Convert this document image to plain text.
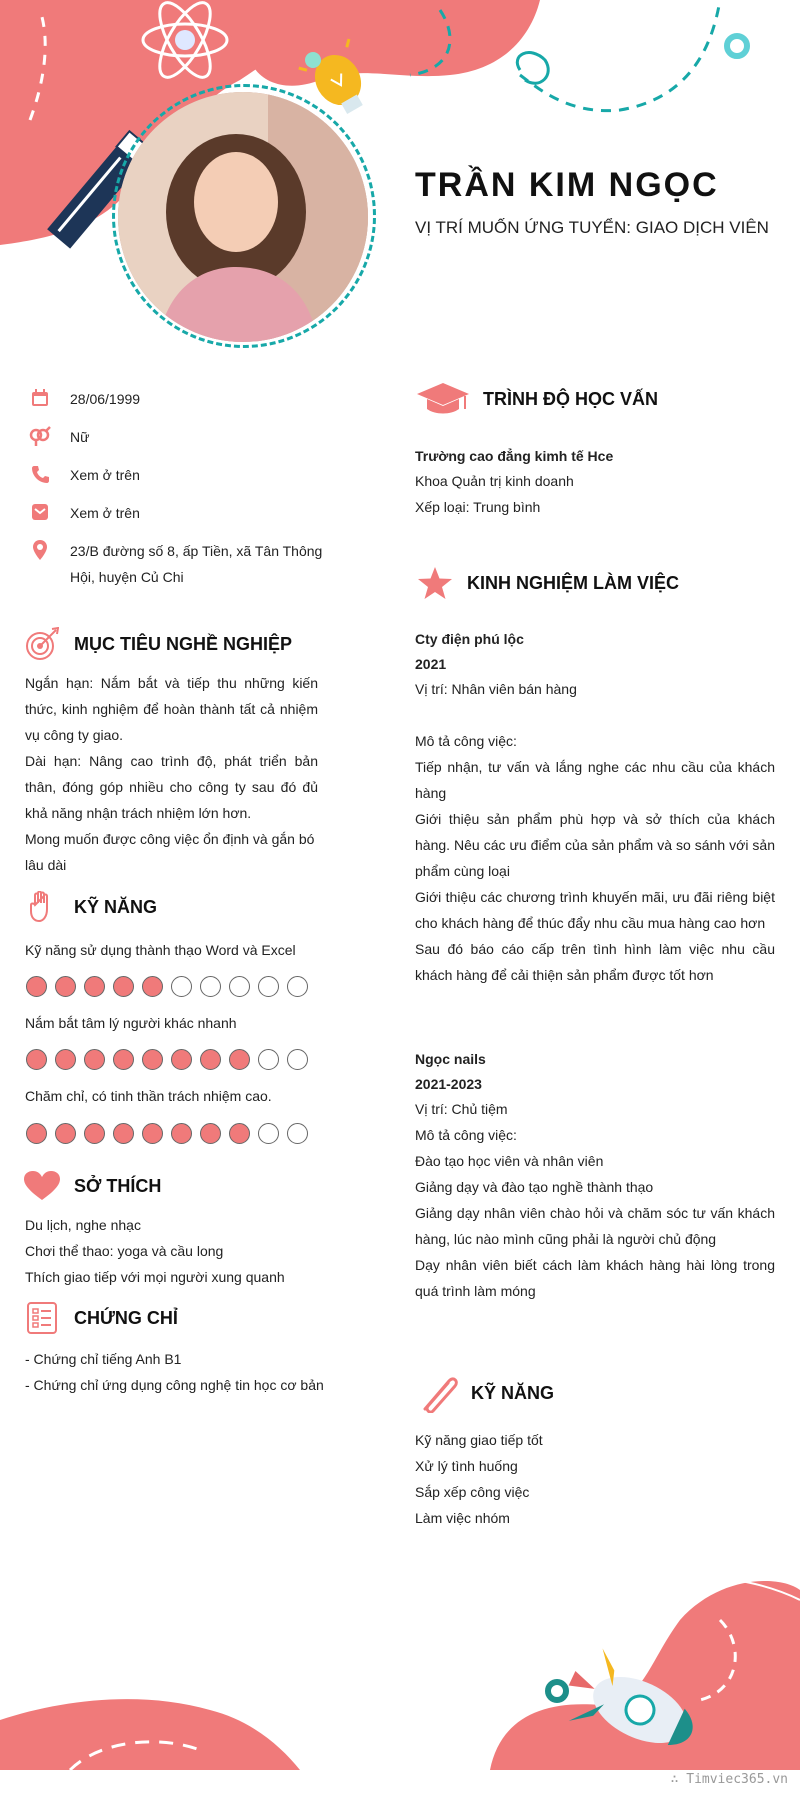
TRẦN KIM NGỌC
VỊ TRÍ MUỐN ỨNG TUYỂN: GIAO DỊCH VIÊN
28/06/1999
Nữ
Xem ở trên
Xem ở trên
23/B đường số 8, ấp Tiền, xã Tân Thông Hội, huyện Củ Chi
MỤC TIÊU NGHỀ NGHIỆP
Ngắn hạn: Nắm bắt và tiếp thu những kiến thức, kinh nghiệm để hoàn thành tất cả nhiệm vụ công ty giao.
Dài hạn: Nâng cao trình độ, phát triển bản thân, đóng góp nhiều cho công ty sau đó đủ khả năng nhận trách nhiệm lớn hơn.
Mong muốn được công việc ổn định và gắn bó lâu dài
KỸ NĂNG
Kỹ năng sử dụng thành thạo Word và Excel
Nắm bắt tâm lý người khác nhanh
Chăm chỉ, có tinh thần trách nhiệm cao.
SỞ THÍCH
Du lịch, nghe nhạc
Chơi thể thao: yoga và cầu long
Thích giao tiếp với mọi người xung quanh
CHỨNG CHỈ
- Chứng chỉ tiếng Anh B1
- Chứng chỉ ứng dụng công nghệ tin học cơ bản
TRÌNH ĐỘ HỌC VẤN
Trường cao đẳng kimh tế Hce
Khoa Quản trị kinh doanh
Xếp loại: Trung bình
KINH NGHIỆM LÀM VIỆC
Cty điện phú lộc
2021
Vị trí: Nhân viên bán hàng
Mô tả công việc:
Tiếp nhận, tư vấn và lắng nghe các nhu cầu của khách hàng
Giới thiệu sản phẩm phù hợp và sở thích của khách hàng. Nêu các ưu điểm của sản phẩm và so sánh với sản phẩm cùng loại
Giới thiệu các chương trình khuyến mãi, ưu đãi riêng biệt cho khách hàng để thúc đẩy nhu cầu mua hàng cao hơn
Sau đó báo cáo cấp trên tình hình làm việc nhu cầu khách hàng để cải thiện sản phẩm được tốt hơn
Ngọc nails
2021-2023
Vị trí: Chủ tiệm
Mô tả công việc:
Đào tạo học viên và nhân viên
Giảng dạy và đào tạo nghề thành thạo
Giảng dạy nhân viên chào hỏi và chăm sóc tư vấn khách hàng, lúc nào mình cũng phải là người chủ động
Dạy nhân viên biết cách làm khách hàng hài lòng trong quá trình làm móng
KỸ NĂNG
Kỹ năng giao tiếp tốt
Xử lý tình huống
Sắp xếp công việc
Làm việc nhóm
∴ Timviec365.vn
